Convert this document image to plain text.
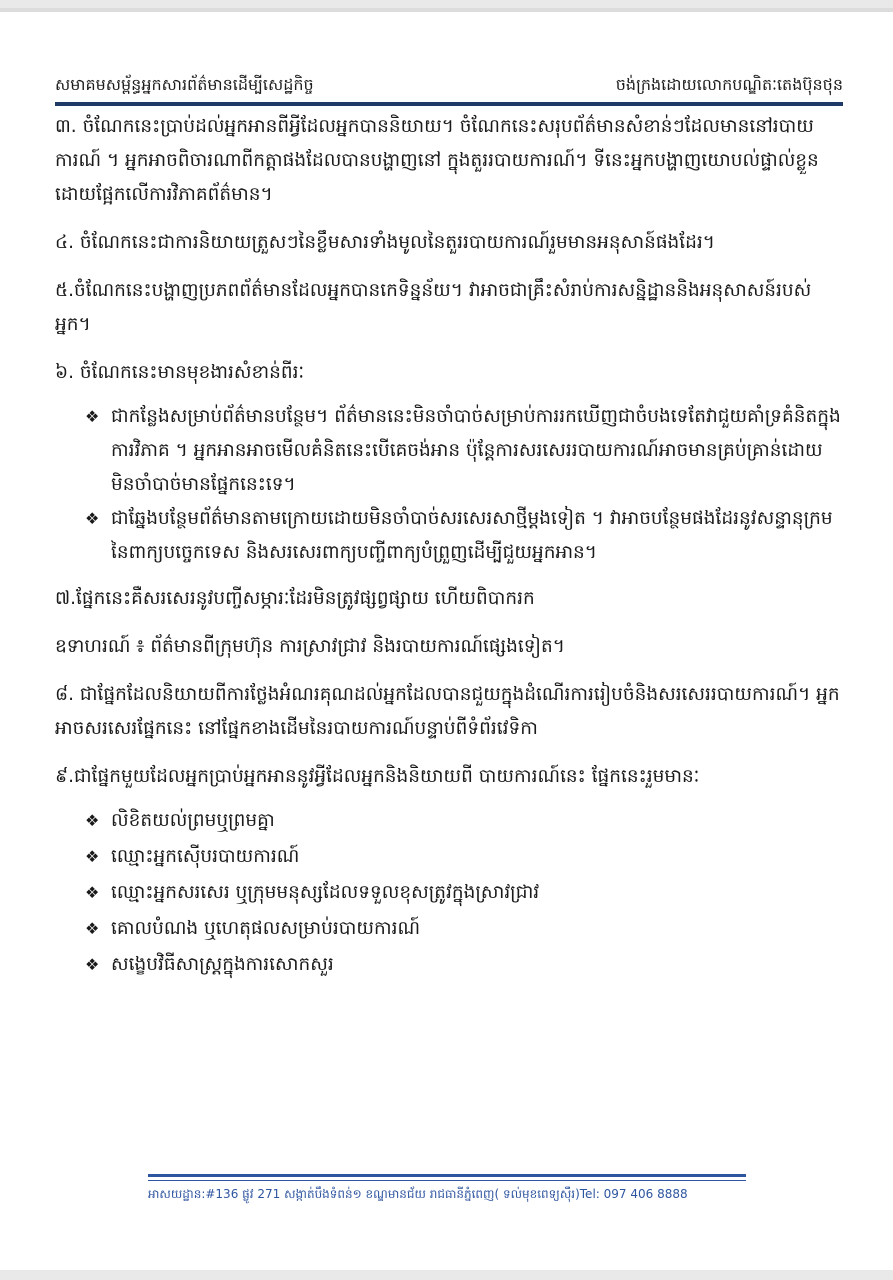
សមាគមសម្ព័ន្ធអ្នកសារព័ត៌មានដើម្បីសេដ្ឋកិច្ច	ចង់ក្រងដោយលោកបណ្ឌិតៈតេងប៊ុនថុន

៣. ចំណែកនេះប្រាប់ដល់អ្នកអានពីអ្វីដែលអ្នកបាននិយាយ។ ចំណែកនេះសរុបព័ត៌មានសំខាន់ៗដែលមាននៅរបាយការណ៍ ។ អ្នកអាចពិចារណាពីកត្តាផងដែលបានបង្ហាញនៅ ក្នុងតួររបាយការណ៍។ ទីនេះអ្នកបង្ហាញយោបល់ផ្ទាល់ខ្លួនដោយផ្អែកលើការវិភាគព័ត៌មាន។

៤. ចំណែកនេះជាការនិយាយត្រួសៗនៃខ្លឹមសារទាំងមូលនៃតួររបាយការណ៍រួមមានអនុសាន៍ផងដែរ។

៥.ចំណែកនេះបង្ហាញប្រភពព័ត៌មានដែលអ្នកបានកេទិន្នន័យ។ វាអាចជាគ្រឹះសំរាប់ការសន្និដ្ឋាននិងអនុសាសន៍របស់អ្នក។

៦. ចំណែកនេះមានមុខងារសំខាន់ពីរៈ

❖ ជាកន្លែងសម្រាប់ព័ត៌មានបន្ថែម។ ព័ត៌មាននេះមិនចាំបាច់សម្រាប់ការរកឃើញជាចំបងទេតែវាជួយគាំទ្រគំនិតក្នុងការវិភាគ ។ អ្នកអានអាចមើលគំនិតនេះបើគេចង់អាន ប៉ុន្តែការសរសេររបាយការណ៍អាចមានគ្រប់គ្រាន់ដោយមិនចាំបាច់មានផ្នែកនេះទេ។
❖ ជាឆ្នែងបន្ថែមព័ត៌មានតាមក្រោយដោយមិនចាំបាច់សរសេរសាថ្មីម្តងទៀត ។ វាអាចបន្ថែមផងដែរនូវសន្ទានុក្រមនៃពាក្យបច្ចេកទេស និងសរសេរពាក្យបញ្ចីពាក្យបំព្រួញដើម្បីជួយអ្នកអាន។

៧.ផ្នែកនេះគឺសរសេរនូវបញ្ចីសម្ភារៈដែរមិនត្រូវផ្សព្វផ្សាយ ហើយពិបាករក

ឧទាហរណ៍ ៖ ព័ត៌មានពីក្រុមហ៊ុន ការស្រាវជ្រាវ និងរបាយការណ៍ផ្សេងទៀត។

៨. ជាផ្នែកដែលនិយាយពីការថ្លែងអំណរគុណដល់អ្នកដែលបានជួយក្នុងដំណើរការរៀបចំនិងសរសេររបាយការណ៍។ អ្នកអាចសរសេរផ្នែកនេះ នៅផ្នែកខាងដើមនៃរបាយការណ៍បន្ទាប់ពីទំព័រវេទិកា

៩.ជាផ្នែកមួយដែលអ្នកប្រាប់អ្នកអាននូវអ្វីដែលអ្នកនិងនិយាយពី បាយការណ៍នេះ ផ្នែកនេះរួមមានៈ

❖ លិខិតយល់ព្រមឬព្រមគ្នា
❖ ឈ្មោះអ្នកស៊ើបរបាយការណ៍
❖ ឈ្មោះអ្នកសរសេរ ឬក្រុមមនុស្សដែលទទួលខុសត្រូវក្នុងស្រាវជ្រាវ
❖ គោលបំណង ឬហេតុផលសម្រាប់របាយការណ៍
❖ សង្ខេបវិធីសាស្ត្រក្នុងការសោកសួរ
អាសយដ្ឋាន:#136 ផ្លូវ 271 សង្កាត់បឹងទំពន់១ ខណ្ឌមានជ័យ រាជធានីភ្នំពេញ( ទល់មុខពេទ្យស៊ឺរ)Tel: 097 406 8888
